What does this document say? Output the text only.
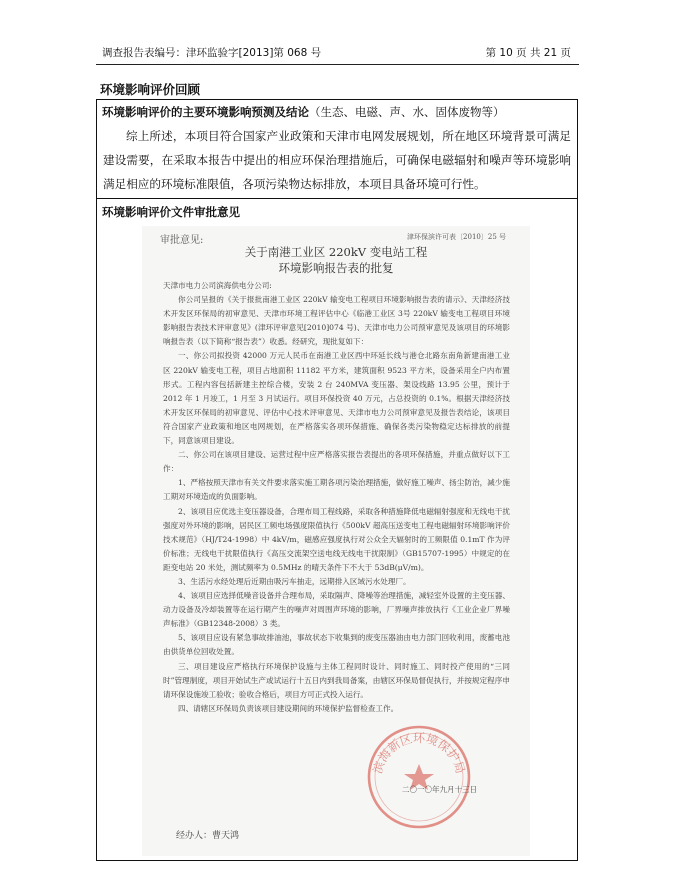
调查报告表编号：津环监验字[2013]第 068 号	第 10 页 共 21 页
环境影响评价回顾
环境影响评价的主要环境影响预测及结论（生态、电磁、声、水、固体废物等）
综上所述，本项目符合国家产业政策和天津市电网发展规划，所在地区环境背景可满足建设需要，在采取本报告中提出的相应环保治理措施后，可确保电磁辐射和噪声等环境影响满足相应的环境标准限值，各项污染物达标排放，本项目具备环境可行性。
环境影响评价文件审批意见
审批意见:	津环保滨许可表〔2010〕25 号
关于南港工业区 220kV 变电站工程
环境影响报告表的批复

天津市电力公司滨海供电分公司:

你公司呈报的《关于报批南港工业区 220kV 输变电工程项目环境影响报告表的请示》、天津经济技术开发区环保局的初审意见、天津市环境工程评估中心《临港工业区 3号 220kV 输变电工程项目环境影响报告表技术评审意见》(津环评审意见[2010]074 号)、天津市电力公司预审意见及该项目的环境影响报告表（以下简称“报告表”）收悉。经研究，现批复如下：

一、你公司拟投资 42000 万元人民币在南港工业区西中环延长线与港仓北路东南角新建南港工业区 220kV 输变电工程，项目占地面积 11182 平方米，建筑面积 9523 平方米，设备采用全户内布置形式。工程内容包括新建主控综合楼，安装 2 台 240MVA 变压器、架设线路 13.95 公里，预计于 2012 年 1 月竣工，1 月至 3 月试运行。项目环保投资 40 万元，占总投资的 0.1%。根据天津经济技术开发区环保局的初审意见、评估中心技术评审意见、天津市电力公司预审意见及报告表结论，该项目符合国家产业政策和地区电网规划，在严格落实各项环保措施、确保各类污染物稳定达标排放的前提下，同意该项目建设。

二、你公司在该项目建设、运营过程中应严格落实报告表提出的各项环保措施，并重点做好以下工作：

1、严格按照天津市有关文件要求落实施工期各项污染治理措施，做好施工噪声、扬尘防治，减少施工期对环境造成的负面影响。

2、该项目应优选主变压器设备，合理布局工程线路，采取各种措施降低电磁辐射强度和无线电干扰强度对外环境的影响，居民区工频电场强度限值执行《500kV 超高压送变电工程电磁辐射环境影响评价技术规范》（HJ/T24-1998）中 4kV/m，磁感应强度执行对公众全天辐射时的工频限值 0.1mT 作为评价标准；无线电干扰限值执行《高压交流架空送电线无线电干扰限制》（GB15707-1995）中规定的在距变电站 20 米处，测试频率为 0.5MHz 的晴天条件下不大于 53dB(μV/m)。

3、生活污水经处理后近期由吸污车抽走，远期排入区域污水处理厂。

4、该项目应选择低噪音设备并合理布局，采取隔声、降噪等治理措施，减轻室外设置的主变压器、动力设备及冷却装置等在运行期产生的噪声对周围声环境的影响，厂界噪声排放执行《工业企业厂界噪声标准》（GB12348-2008）3 类。

5、该项目应设有紧急事故排油池，事故状态下收集到的废变压器油由电力部门回收利用，废蓄电池由供货单位回收处置。

三、项目建设应严格执行环境保护设施与主体工程同时设计、同时施工、同时投产使用的“三同时”管理制度，项目开始试生产或试运行十五日内到我局备案，由辖区环保局督促执行，并按规定程序申请环保设施竣工验收；验收合格后，项目方可正式投入运行。

四、请辖区环保局负责该项目建设期间的环境保护监督检查工作。

滨海新区环境保护局
二〇一〇年九月十三日
经办人：曹天鸿
